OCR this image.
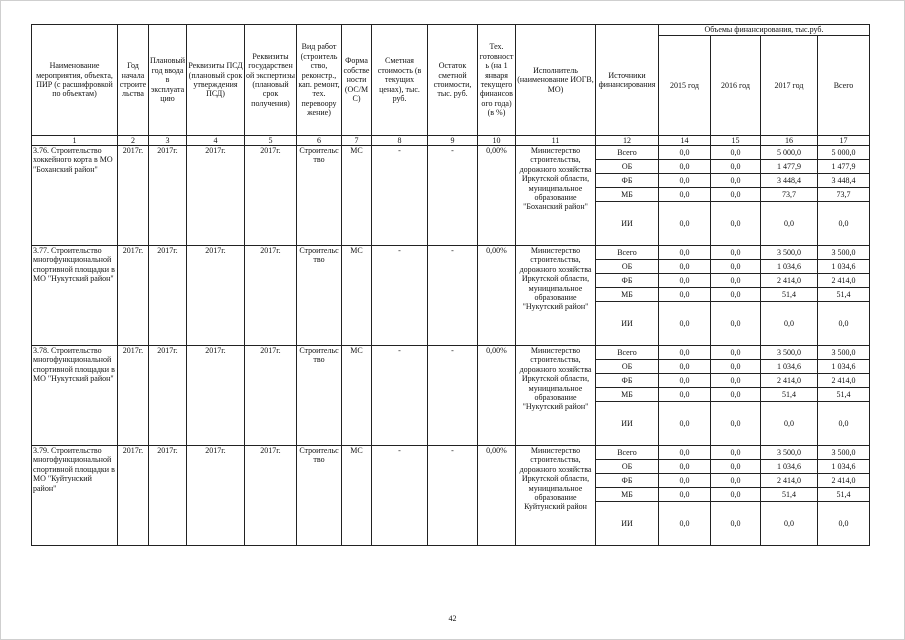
Наименование мероприятия, объекта, ПИР (с расшифровкой по объектам)	Год начала строите льства	Плановый год ввода в эксплуата цию	Реквизиты ПСД (плановый срок утверждения ПСД)	Реквизиты государствен ой экспертизы (плановый срок получения)	Вид работ (строитель ство, реконстр., кап. ремонт, тех. перевоору жение)	Форма собстве ности (ОС/М С)	Сметная стоимость (в текущих ценах), тыс. руб.	Остаток сметной стоимости, тыс. руб.	Тех. готовност ь (на 1 января текущего финансов ого года) (в %)	Исполнитель (наименование ИОГВ, МО)	Источники финансирования	Объемы финансирования, тыс.руб.			
												2015 год	2016 год	2017 год	Всего
1	2	3	4	5	6	7	8	9	10	11	12	14	15	16	17
3.76. Строительство хоккейного корта в МО "Боханский район"	2017г.	2017г.	2017г.	2017г.	Строительс тво	МС	-	-	0,00%	Министерство строительства, дорожного хозяйства Иркутской области, муниципальное образование "Боханский район"	Всего	0,0	0,0	5 000,0	5 000,0
											ОБ	0,0	0,0	1 477,9	1 477,9
											ФБ	0,0	0,0	3 448,4	3 448,4
											МБ	0,0	0,0	73,7	73,7
											ИИ	0,0	0,0	0,0	0,0
3.77. Строительство многофункциональной спортивной площадки в МО "Нукутский район"	2017г.	2017г.	2017г.	2017г.	Строительс тво	МС	-	-	0,00%	Министерство строительства, дорожного хозяйства Иркутской области, муниципальное образование "Нукутский район"	Всего	0,0	0,0	3 500,0	3 500,0
											ОБ	0,0	0,0	1 034,6	1 034,6
											ФБ	0,0	0,0	2 414,0	2 414,0
											МБ	0,0	0,0	51,4	51,4
											ИИ	0,0	0,0	0,0	0,0
3.78. Строительство многофункциональной спортивной площадки в МО "Нукутский район"	2017г.	2017г.	2017г.	2017г.	Строительс тво	МС	-	-	0,00%	Министерство строительства, дорожного хозяйства Иркутской области, муниципальное образование "Нукутский район"	Всего	0,0	0,0	3 500,0	3 500,0
											ОБ	0,0	0,0	1 034,6	1 034,6
											ФБ	0,0	0,0	2 414,0	2 414,0
											МБ	0,0	0,0	51,4	51,4
											ИИ	0,0	0,0	0,0	0,0
3.79. Строительство многофункциональной спортивной площадки в МО "Куйтунский район"	2017г.	2017г.	2017г.	2017г.	Строительс тво	МС	-	-	0,00%	Министерство строительства, дорожного хозяйства Иркутской области, муниципальное образование Куйтунский район	Всего	0,0	0,0	3 500,0	3 500,0
											ОБ	0,0	0,0	1 034,6	1 034,6
											ФБ	0,0	0,0	2 414,0	2 414,0
											МБ	0,0	0,0	51,4	51,4
											ИИ	0,0	0,0	0,0	0,0
42
